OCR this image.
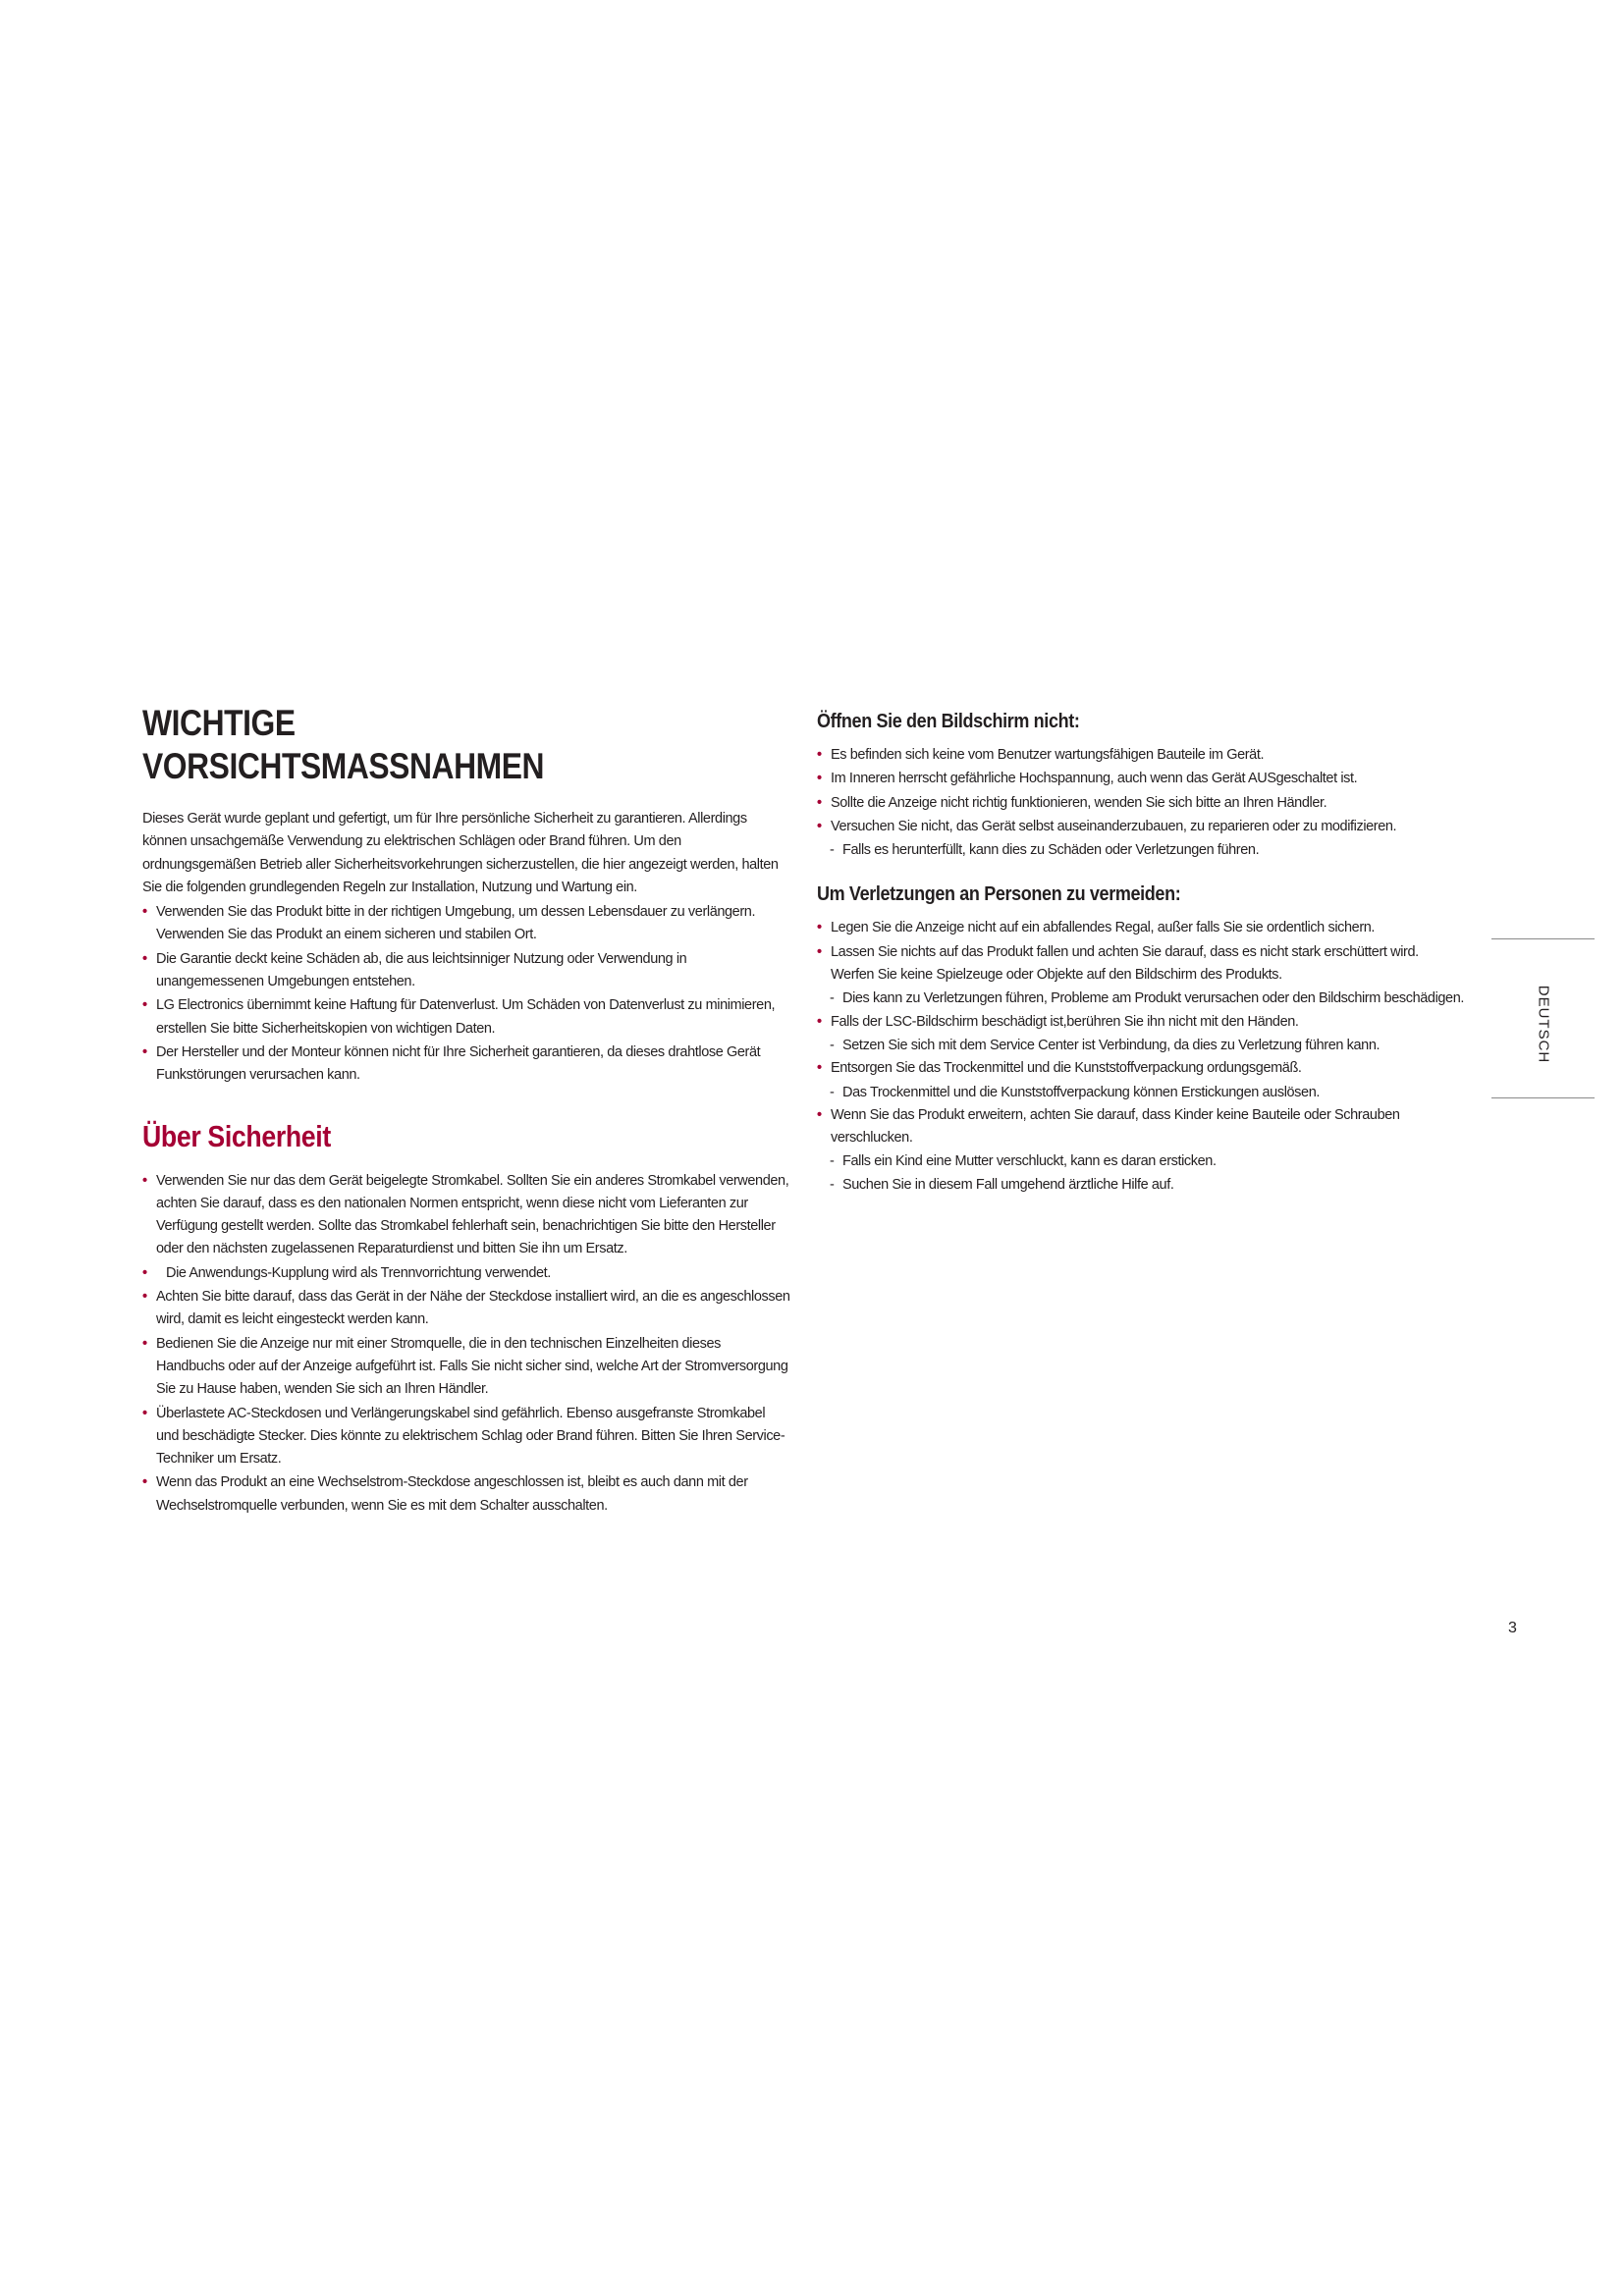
WICHTIGE VORSICHTSMASSNAHMEN

Dieses Gerät wurde geplant und gefertigt, um für Ihre persönliche Sicherheit zu garantieren. Allerdings können unsachgemäße Verwendung zu elektrischen Schlägen oder Brand führen. Um den ordnungsgemäßen Betrieb aller Sicherheitsvorkehrungen sicherzustellen, die hier angezeigt werden, halten Sie die folgenden grundlegenden Regeln zur Installation, Nutzung und Wartung ein.

• Verwenden Sie das Produkt bitte in der richtigen Umgebung, um dessen Lebensdauer zu verlängern. Verwenden Sie das Produkt an einem sicheren und stabilen Ort.
• Die Garantie deckt keine Schäden ab, die aus leichtsinniger Nutzung oder Verwendung in unangemessenen Umgebungen entstehen.
• LG Electronics übernimmt keine Haftung für Datenverlust. Um Schäden von Datenverlust zu minimieren, erstellen Sie bitte Sicherheitskopien von wichtigen Daten.
• Der Hersteller und der Monteur können nicht für Ihre Sicherheit garantieren, da dieses drahtlose Gerät Funkstörungen verursachen kann.
Über Sicherheit
• Verwenden Sie nur das dem Gerät beigelegte Stromkabel. Sollten Sie ein anderes Stromkabel verwenden, achten Sie darauf, dass es den nationalen Normen entspricht, wenn diese nicht vom Lieferanten zur Verfügung gestellt werden. Sollte das Stromkabel fehlerhaft sein, benachrichtigen Sie bitte den Hersteller oder den nächsten zugelassenen Reparaturdienst und bitten Sie ihn um Ersatz.
• Die Anwendungs-Kupplung wird als Trennvorrichtung verwendet.
• Achten Sie bitte darauf, dass das Gerät in der Nähe der Steckdose installiert wird, an die es angeschlossen wird, damit es leicht eingesteckt werden kann.
• Bedienen Sie die Anzeige nur mit einer Stromquelle, die in den technischen Einzelheiten dieses Handbuchs oder auf der Anzeige aufgeführt ist. Falls Sie nicht sicher sind, welche Art der Stromversorgung Sie zu Hause haben, wenden Sie sich an Ihren Händler.
• Überlastete AC-Steckdosen und Verlängerungskabel sind gefährlich. Ebenso ausgefranste Stromkabel und beschädigte Stecker. Dies könnte zu elektrischem Schlag oder Brand führen. Bitten Sie Ihren Service-Techniker um Ersatz.
• Wenn das Produkt an eine Wechselstrom-Steckdose angeschlossen ist, bleibt es auch dann mit der Wechselstromquelle verbunden, wenn Sie es mit dem Schalter ausschalten.
Öffnen Sie den Bildschirm nicht:
• Es befinden sich keine vom Benutzer wartungsfähigen Bauteile im Gerät.
• Im Inneren herrscht gefährliche Hochspannung, auch wenn das Gerät AUSgeschaltet ist.
• Sollte die Anzeige nicht richtig funktionieren, wenden Sie sich bitte an Ihren Händler.
• Versuchen Sie nicht, das Gerät selbst auseinanderzubauen, zu reparieren oder zu modifizieren.
- Falls es herunterfüllt, kann dies zu Schäden oder Verletzungen führen.
Um Verletzungen an Personen zu vermeiden:
• Legen Sie die Anzeige nicht auf ein abfallendes Regal, außer falls Sie sie ordentlich sichern.
• Lassen Sie nichts auf das Produkt fallen und achten Sie darauf, dass es nicht stark erschüttert wird. Werfen Sie keine Spielzeuge oder Objekte auf den Bildschirm des Produkts.
- Dies kann zu Verletzungen führen, Probleme am Produkt verursachen oder den Bildschirm beschädigen.
• Falls der LSC-Bildschirm beschädigt ist,berühren Sie ihn nicht mit den Händen.
- Setzen Sie sich mit dem Service Center ist Verbindung, da dies zu Verletzung führen kann.
• Entsorgen Sie das Trockenmittel und die Kunststoffverpackung ordungsgemäß.
- Das Trockenmittel und die Kunststoffverpackung können Erstickungen auslösen.
• Wenn Sie das Produkt erweitern, achten Sie darauf, dass Kinder keine Bauteile oder Schrauben verschlucken.
- Falls ein Kind eine Mutter verschluckt, kann es daran ersticken.
- Suchen Sie in diesem Fall umgehend ärztliche Hilfe auf.
DEUTSCH
3
